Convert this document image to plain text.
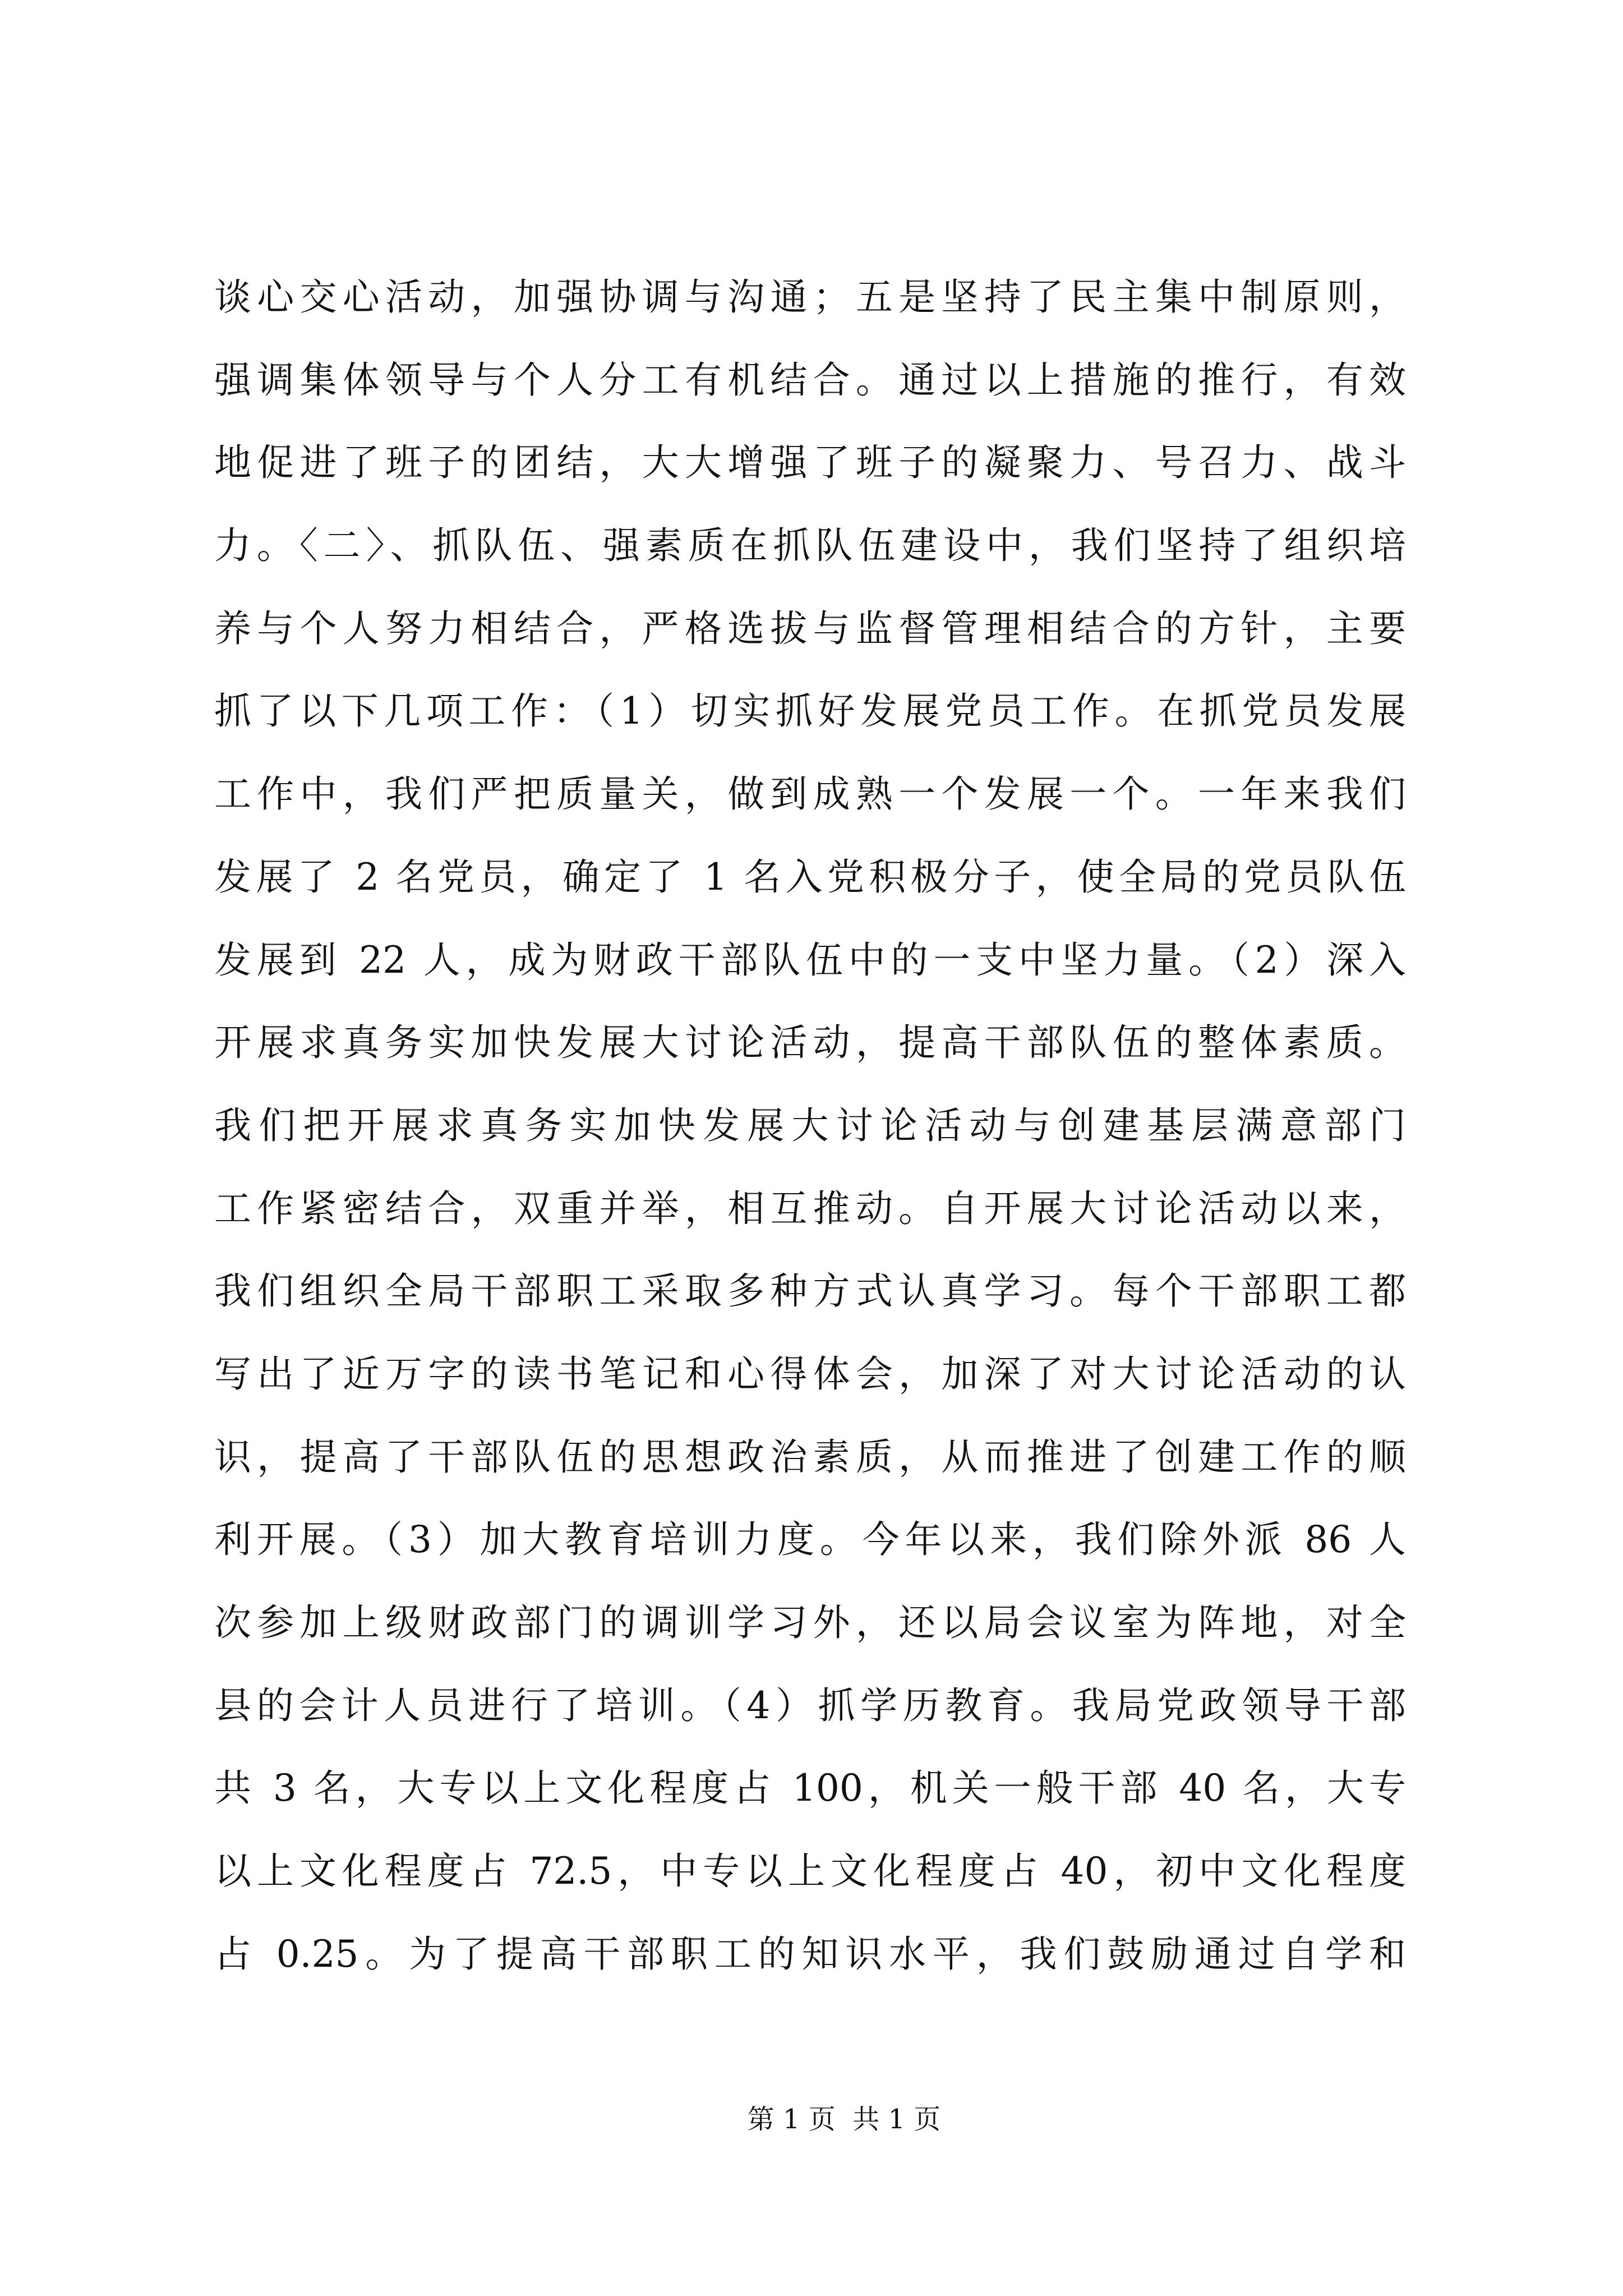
谈心交心活动，加强协调与沟通；五是坚持了民主集中制原则，
强调集体领导与个人分工有机结合。通过以上措施的推行，有效
地促进了班子的团结，大大增强了班子的凝聚力、号召力、战斗
力。〈二〉、抓队伍、强素质在抓队伍建设中，我们坚持了组织培
养与个人努力相结合，严格选拔与监督管理相结合的方针，主要
抓了以下几项工作：（1）切实抓好发展党员工作。在抓党员发展
工作中，我们严把质量关，做到成熟一个发展一个。一年来我们
发展了 2 名党员，确定了 1 名入党积极分子，使全局的党员队伍
发展到 22 人，成为财政干部队伍中的一支中坚力量。（2）深入
开展求真务实加快发展大讨论活动，提高干部队伍的整体素质。
我们把开展求真务实加快发展大讨论活动与创建基层满意部门
工作紧密结合，双重并举，相互推动。自开展大讨论活动以来，
我们组织全局干部职工采取多种方式认真学习。每个干部职工都
写出了近万字的读书笔记和心得体会，加深了对大讨论活动的认
识，提高了干部队伍的思想政治素质，从而推进了创建工作的顺
利开展。（3）加大教育培训力度。今年以来，我们除外派 86 人
次参加上级财政部门的调训学习外，还以局会议室为阵地，对全
县的会计人员进行了培训。（4）抓学历教育。我局党政领导干部
共 3 名，大专以上文化程度占 100，机关一般干部 40 名，大专
以上文化程度占 72.5，中专以上文化程度占 40，初中文化程度
占 0.25。为了提高干部职工的知识水平，我们鼓励通过自学和
第 1 页  共 1 页
